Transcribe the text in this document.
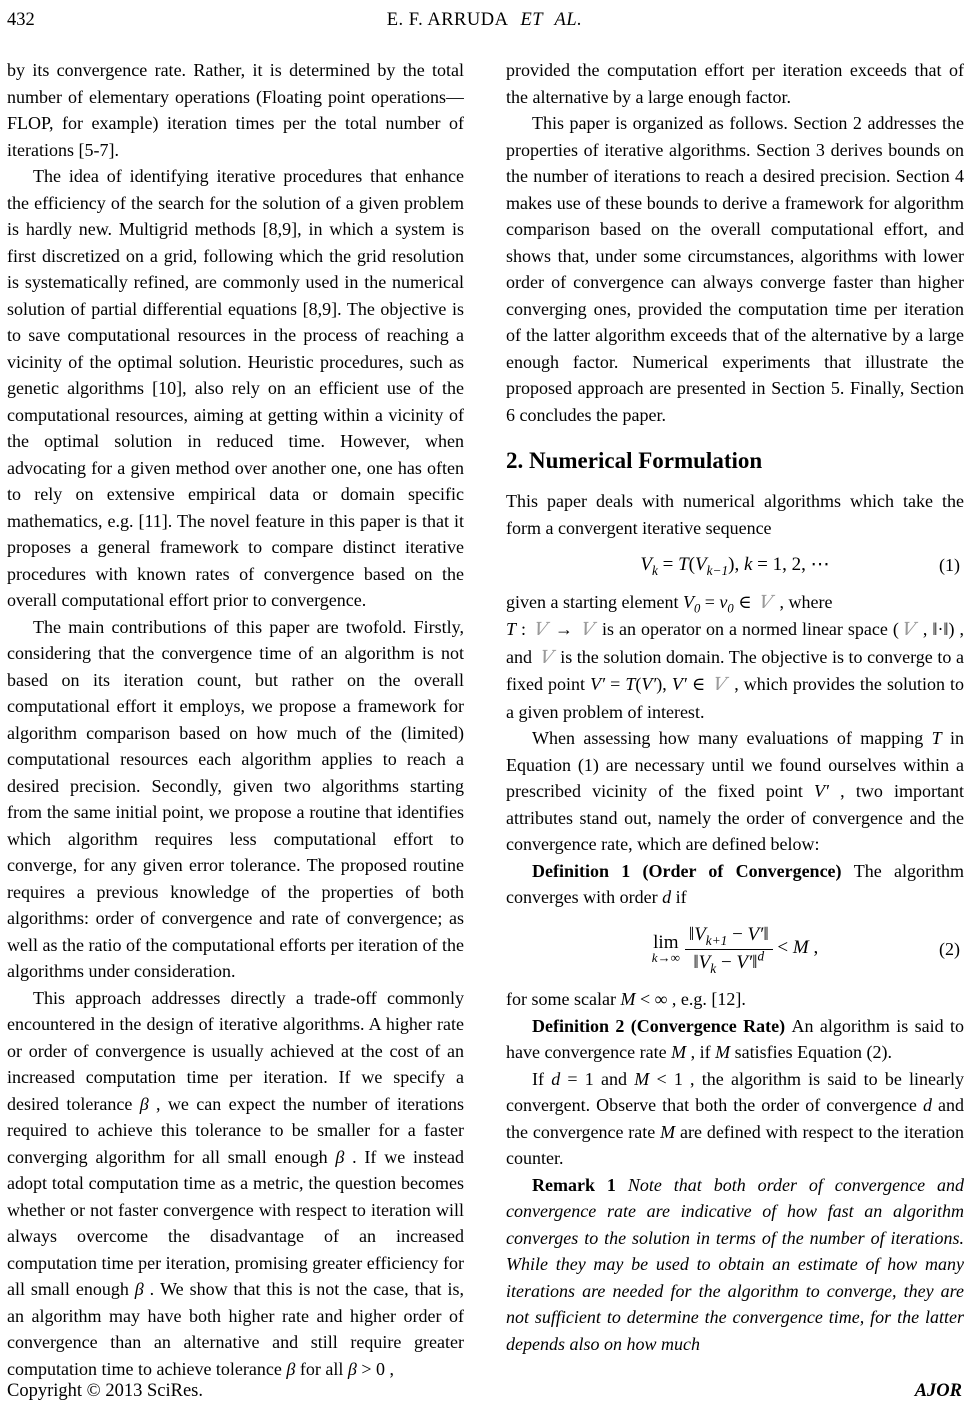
432	E. F. ARRUDA ET AL.

by its convergence rate. Rather, it is determined by the total number of elementary operations (Floating point operations—FLOP, for example) iteration times per the total number of iterations [5-7].

The idea of identifying iterative procedures that enhance the efficiency of the search for the solution of a given problem is hardly new. Multigrid methods [8,9], in which a system is first discretized on a grid, following which the grid resolution is systematically refined, are commonly used in the numerical solution of partial differential equations [8,9]. The objective is to save computational resources in the process of reaching a vicinity of the optimal solution. Heuristic procedures, such as genetic algorithms [10], also rely on an efficient use of the computational resources, aiming at getting within a vicinity of the optimal solution in reduced time. However, when advocating for a given method over another one, one has often to rely on extensive empirical data or domain specific mathematics, e.g. [11]. The novel feature in this paper is that it proposes a general framework to compare distinct iterative procedures with known rates of convergence based on the overall computational effort prior to convergence.

The main contributions of this paper are twofold. Firstly, considering that the convergence time of an algorithm is not based on its iteration count, but rather on the overall computational effort it employs, we propose a framework for algorithm comparison based on how much of the (limited) computational resources each algorithm applies to reach a desired precision. Secondly, given two algorithms starting from the same initial point, we propose a routine that identifies which algorithm requires less computational effort to converge, for any given error tolerance. The proposed routine requires a previous knowledge of the properties of both algorithms: order of convergence and rate of convergence; as well as the ratio of the computational efforts per iteration of the algorithms under consideration.

This approach addresses directly a trade-off commonly encountered in the design of iterative algorithms. A higher rate or order of convergence is usually achieved at the cost of an increased computation time per iteration. If we specify a desired tolerance β , we can expect the number of iterations required to achieve this tolerance to be smaller for a faster converging algorithm for all small enough β . If we instead adopt total computation time as a metric, the question becomes whether or not faster convergence with respect to iteration will always overcome the disadvantage of an increased computation time per iteration, promising greater efficiency for all small enough β . We show that this is not the case, that is, an algorithm may have both higher rate and higher order of convergence than an alternative and still require greater computation time to achieve tolerance β for all β > 0 ,

provided the computation effort per iteration exceeds that of the alternative by a large enough factor.

This paper is organized as follows. Section 2 addresses the properties of iterative algorithms. Section 3 derives bounds on the number of iterations to reach a desired precision. Section 4 makes use of these bounds to derive a framework for algorithm comparison based on the overall computational effort, and shows that, under some circumstances, algorithms with lower order of convergence can always converge faster than higher converging ones, provided the computation time per iteration of the latter algorithm exceeds that of the alternative by a large enough factor. Numerical experiments that illustrate the proposed approach are presented in Section 5. Finally, Section 6 concludes the paper.

2. Numerical Formulation

This paper deals with numerical algorithms which take the form a convergent iterative sequence

$V_k = T(V_{k-1})$, k = 1, 2, ⋯	(1)

given a starting element $V_0 = v_0$ ∈ V , where
T : V → V is an operator on a normed linear space (V , ‖·‖) , and V is the solution domain. The objective is to converge to a fixed point V′ = T(V′), V′ ∈ V , which provides the solution to a given problem of interest.

When assessing how many evaluations of mapping T in Equation (1) are necessary until we found ourselves within a prescribed vicinity of the fixed point V′ , two important attributes stand out, namely the order of convergence and the convergence rate, which are defined below:

Definition 1 (Order of Convergence) The algorithm converges with order d if

lim
$k\to\infty \frac{‖V_{k+1} - V'‖}{‖V_k - V'‖^d} < M$ ,	(2)

for some scalar M < ∞ , e.g. [12].

Definition 2 (Convergence Rate) An algorithm is said to have convergence rate M , if M satisfies Equation (2).

If d = 1 and M < 1 , the algorithm is said to be linearly convergent. Observe that both the order of convergence d and the convergence rate M are defined with respect to the iteration counter.

Remark 1 Note that both order of convergence and convergence rate are indicative of how fast an algorithm converges to the solution in terms of the number of iterations. While they may be used to obtain an estimate of how many iterations are needed for the algorithm to converge, they are not sufficient to determine the convergence time, for the latter depends also on how much

Copyright © 2013 SciRes.	AJOR
